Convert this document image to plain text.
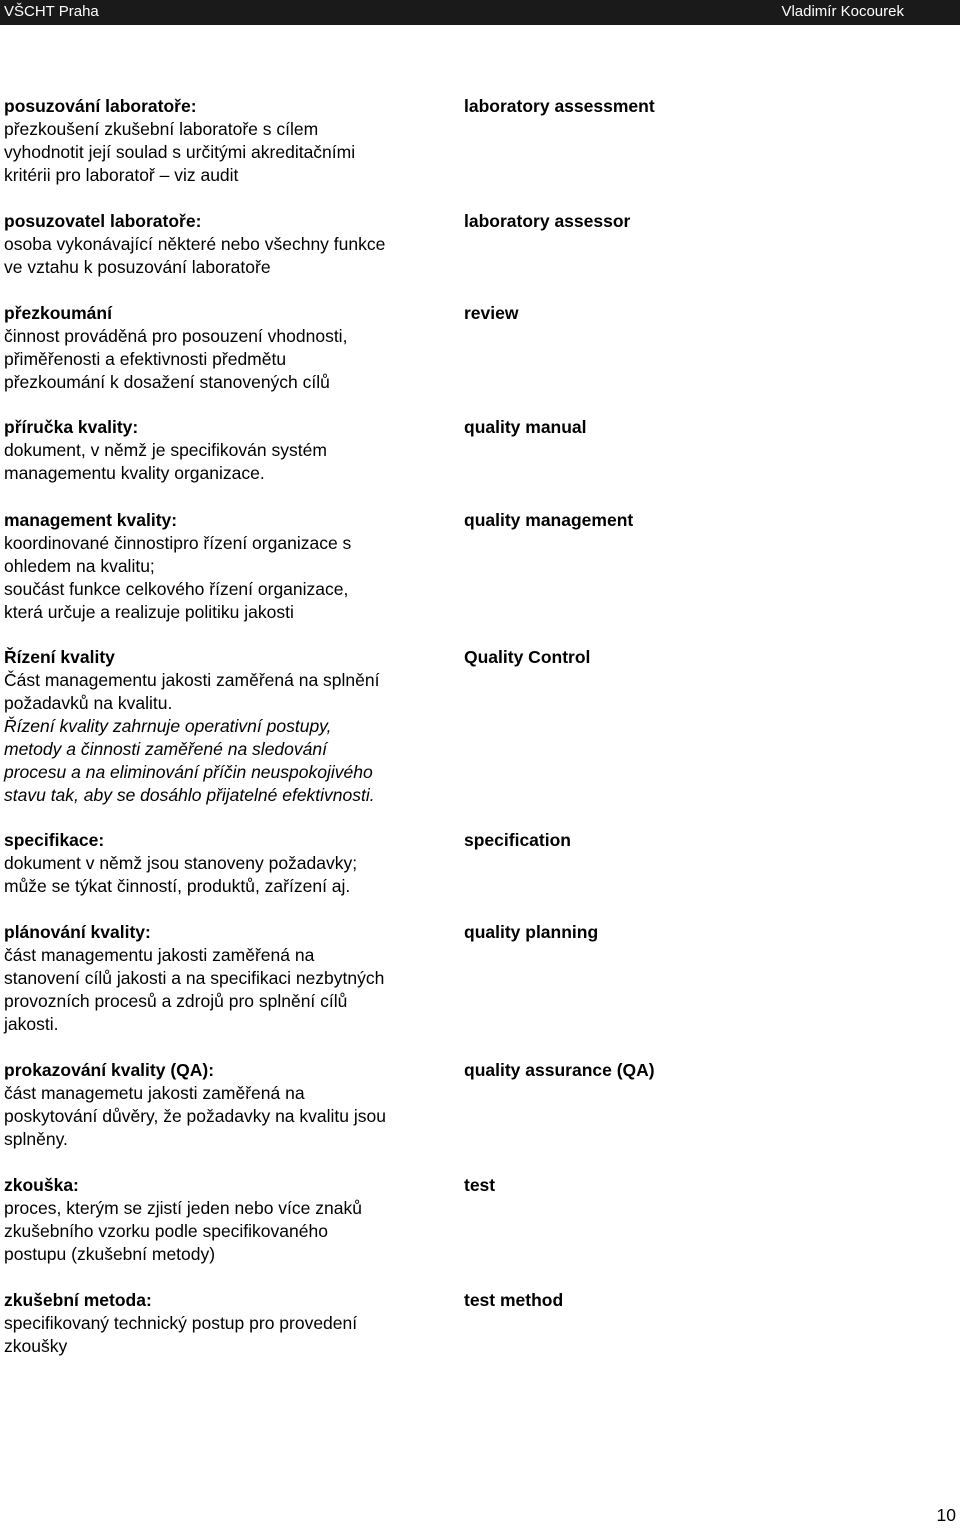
VŠCHT Praha	Vladimír Kocourek
posuzování laboratoře:
přezkoušení zkušební laboratoře s cílem
vyhodnotit její soulad s určitými akreditačními
kritérii pro laboratoř – viz audit
laboratory assessment
posuzovatel laboratoře:
osoba vykonávající některé nebo všechny funkce
ve vztahu k posuzování laboratoře
laboratory assessor
přezkoumání
činnost prováděná pro posouzení vhodnosti,
přiměřenosti a efektivnosti předmětu
přezkoumání k dosažení stanovených cílů
review
příručka kvality:
dokument, v němž je specifikován systém
managementu kvality organizace.
quality manual
management kvality:
koordinované činnostipro řízení organizace s
ohledem na kvalitu;
součást funkce celkového řízení organizace,
která určuje a realizuje politiku jakosti
quality management
Řízení kvality
Část managementu jakosti zaměřená na splnění
požadavků na kvalitu.
Řízení kvality zahrnuje operativní postupy,
metody a činnosti zaměřené na sledování
procesu a na eliminování příčin neuspokojivého
stavu tak, aby se dosáhlo přijatelné efektivnosti.
Quality Control
specifikace:
dokument v němž jsou stanoveny požadavky;
může se týkat činností, produktů, zařízení aj.
specification
plánování kvality:
část managementu jakosti zaměřená na
stanovení cílů jakosti a na specifikaci nezbytných
provozních procesů a zdrojů pro splnění cílů
jakosti.
quality planning
prokazování kvality (QA):
část managemetu jakosti zaměřená na
poskytování důvěry, že požadavky na kvalitu jsou
splněny.
quality assurance (QA)
zkouška:
proces, kterým se zjistí jeden nebo více znaků
zkušebního vzorku podle specifikovaného
postupu (zkušební metody)
test
zkušební metoda:
specifikovaný technický postup pro provedení
zkoušky
test method
10
